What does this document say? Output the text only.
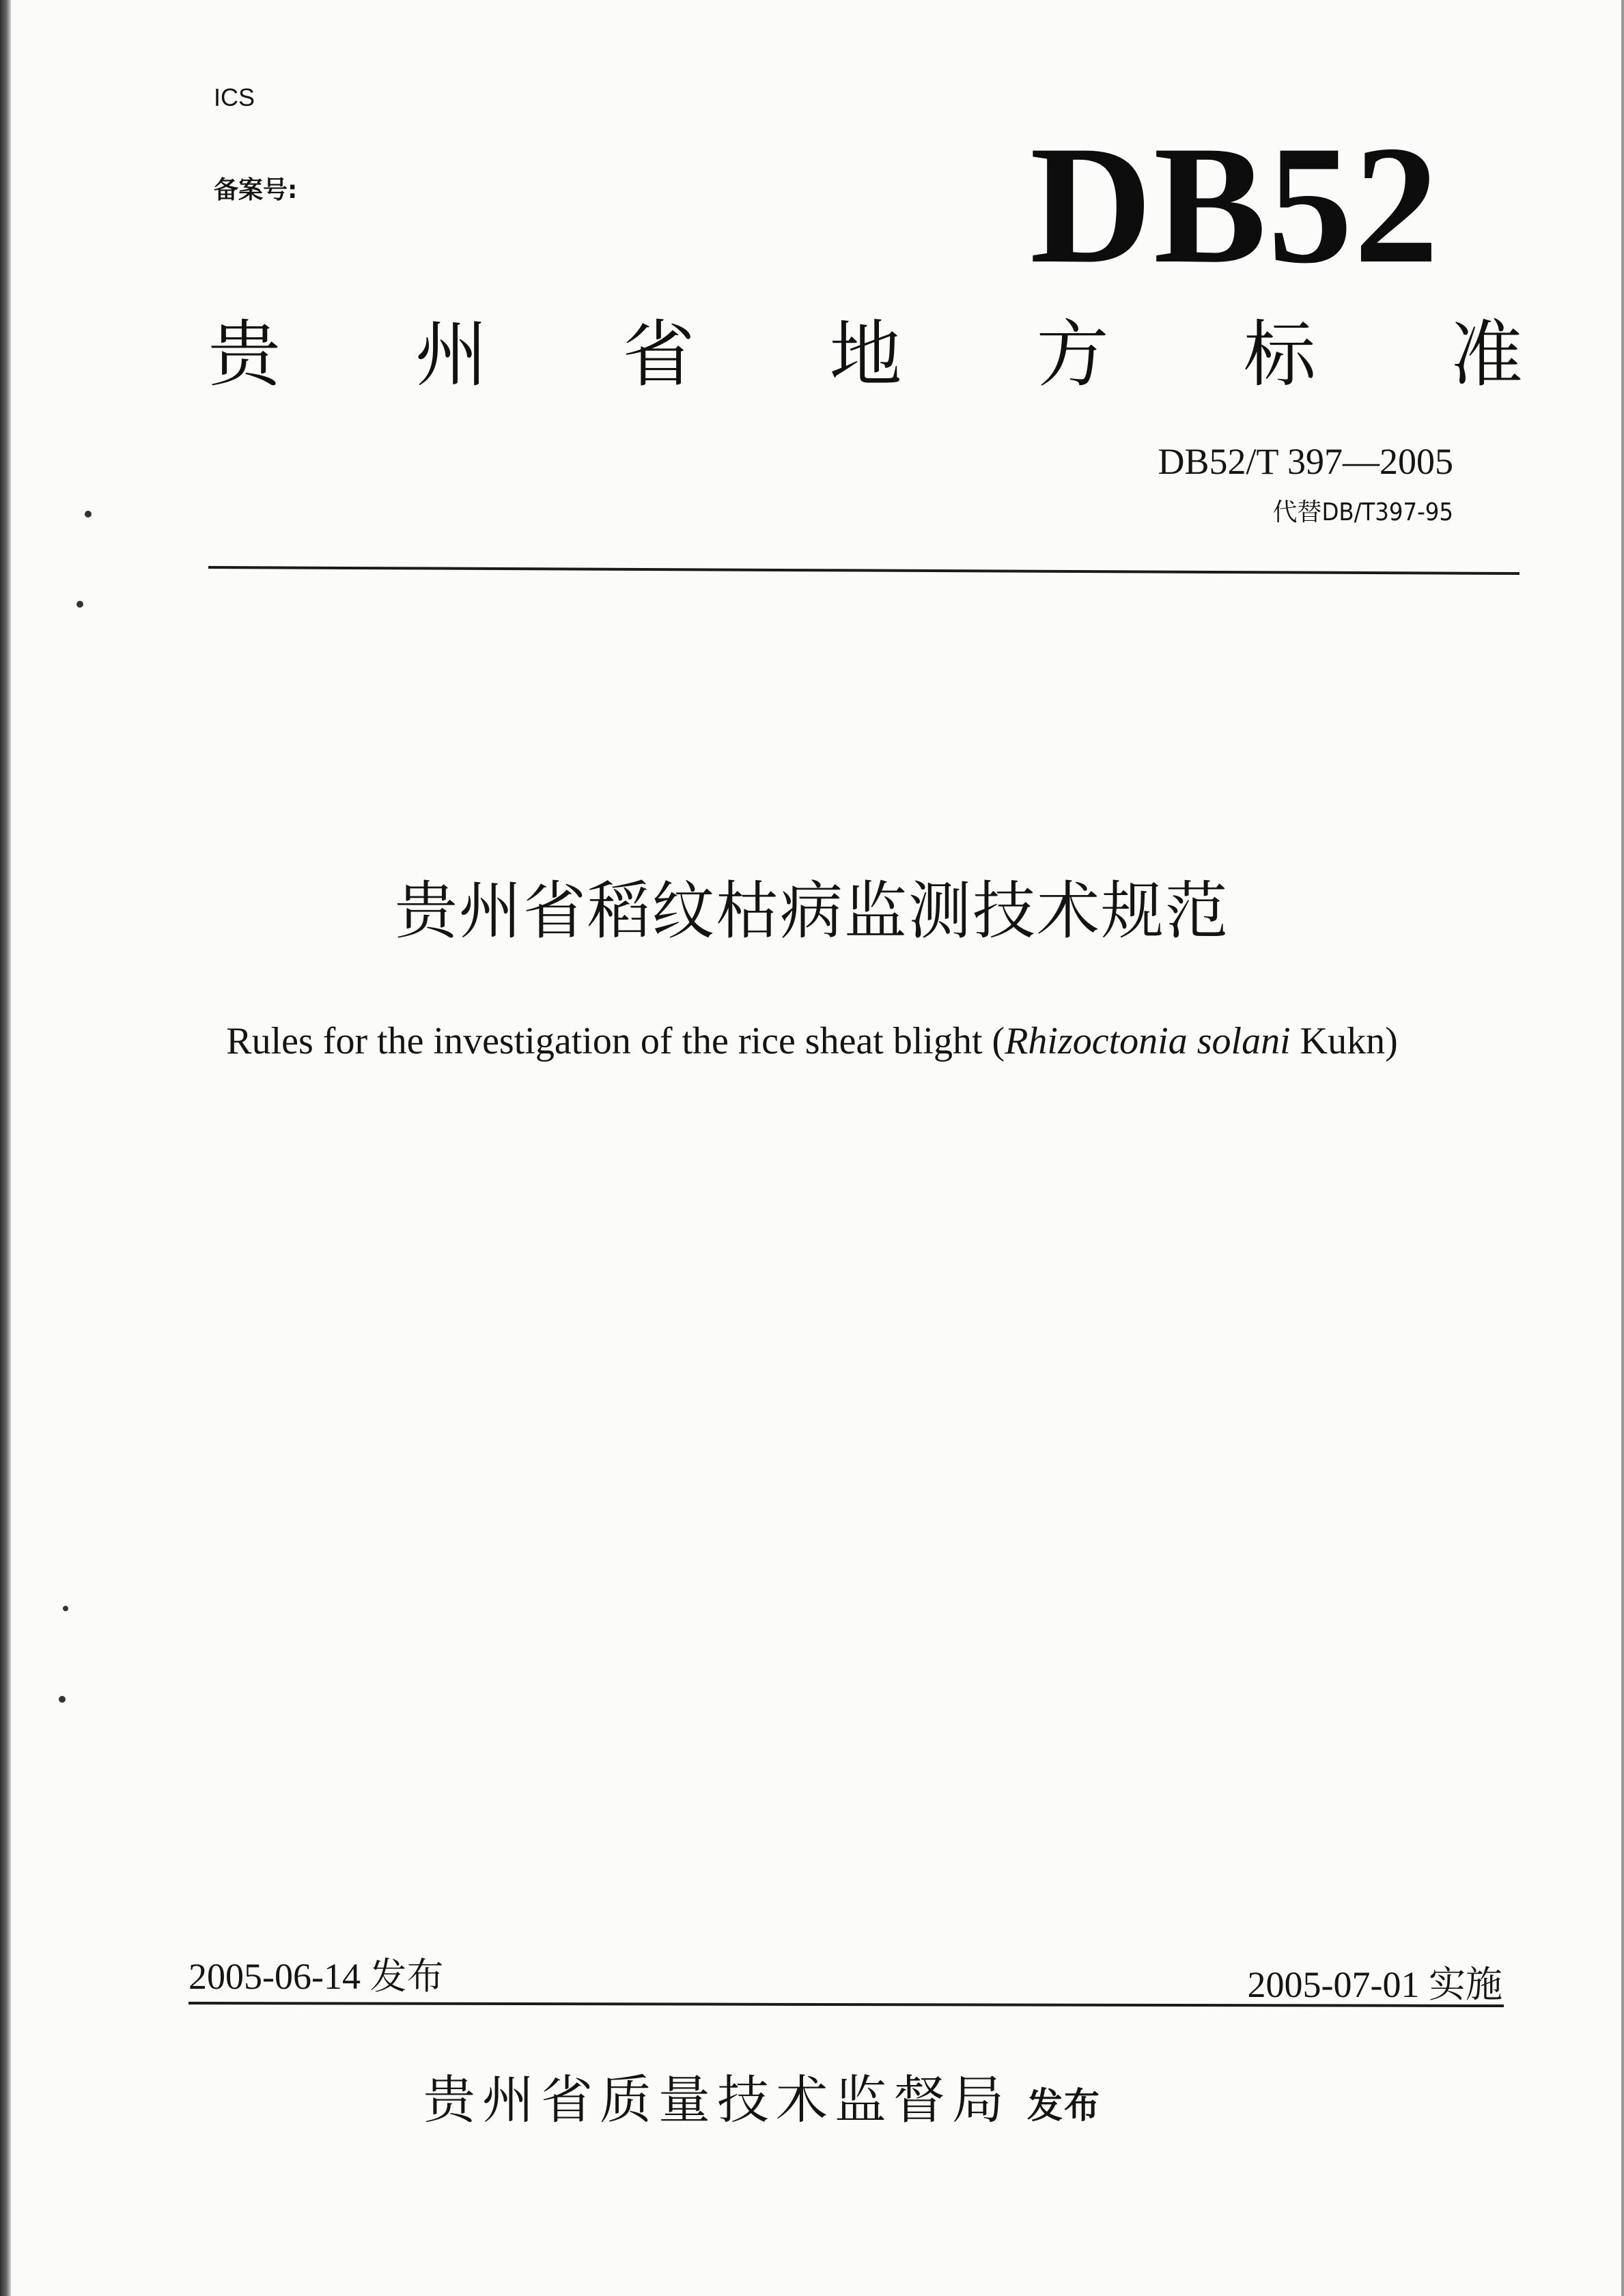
ICS
备案号:	DB52
贵 州 省 地 方 标 准
DB52/T 397—2005
代替DB/T397-95
贵州省稻纹枯病监测技术规范
Rules for the investigation of the rice sheat blight (Rhizoctonia solani Kukn)
2005-06-14 发布	2005-07-01 实施
贵州省质量技术监督局 发布
